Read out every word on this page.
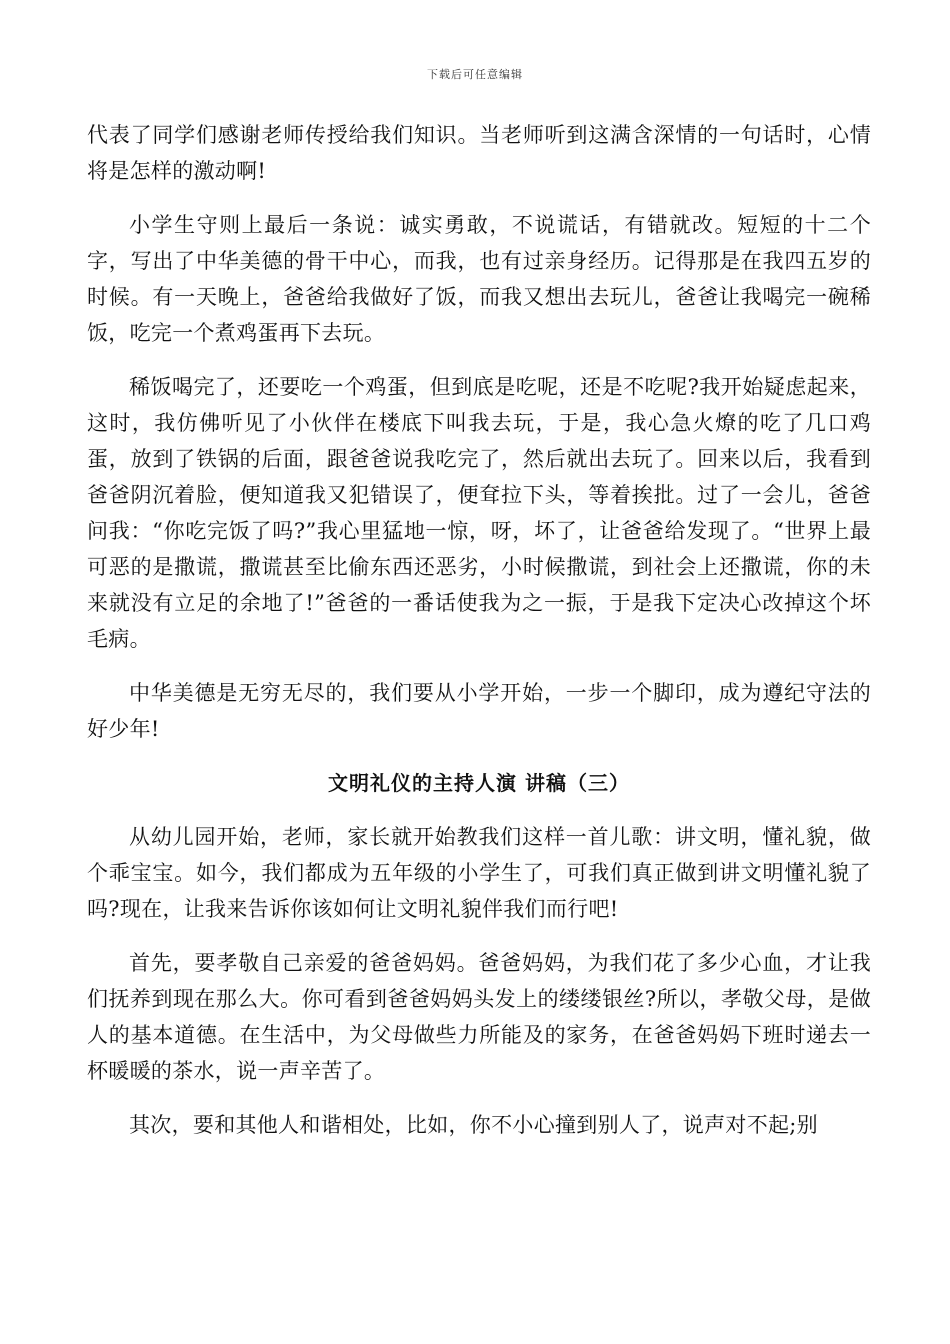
下载后可任意编辑

代表了同学们感谢老师传授给我们知识。当老师听到这满含深情的一句话时，心情将是怎样的激动啊!

小学生守则上最后一条说：诚实勇敢，不说谎话，有错就改。短短的十二个字，写出了中华美德的骨干中心，而我，也有过亲身经历。记得那是在我四五岁的时候。有一天晚上，爸爸给我做好了饭，而我又想出去玩儿，爸爸让我喝完一碗稀饭，吃完一个煮鸡蛋再下去玩。

稀饭喝完了，还要吃一个鸡蛋，但到底是吃呢，还是不吃呢?我开始疑虑起来，这时，我仿佛听见了小伙伴在楼底下叫我去玩，于是，我心急火燎的吃了几口鸡蛋，放到了铁锅的后面，跟爸爸说我吃完了，然后就出去玩了。回来以后，我看到爸爸阴沉着脸，便知道我又犯错误了，便耷拉下头，等着挨批。过了一会儿，爸爸问我：“你吃完饭了吗?”我心里猛地一惊，呀，坏了，让爸爸给发现了。“世界上最可恶的是撒谎，撒谎甚至比偷东西还恶劣，小时候撒谎，到社会上还撒谎，你的未来就没有立足的余地了!”爸爸的一番话使我为之一振，于是我下定决心改掉这个坏毛病。

中华美德是无穷无尽的，我们要从小学开始，一步一个脚印，成为遵纪守法的好少年!

文明礼仪的主持人演 讲稿（三）

从幼儿园开始，老师，家长就开始教我们这样一首儿歌：讲文明，懂礼貌，做个乖宝宝。如今，我们都成为五年级的小学生了，可我们真正做到讲文明懂礼貌了吗?现在，让我来告诉你该如何让文明礼貌伴我们而行吧!

首先，要孝敬自己亲爱的爸爸妈妈。爸爸妈妈，为我们花了多少心血，才让我们抚养到现在那么大。你可看到爸爸妈妈头发上的缕缕银丝?所以，孝敬父母，是做人的基本道德。在生活中，为父母做些力所能及的家务，在爸爸妈妈下班时递去一杯暖暖的茶水，说一声辛苦了。

其次，要和其他人和谐相处，比如，你不小心撞到别人了，说声对不起;别
